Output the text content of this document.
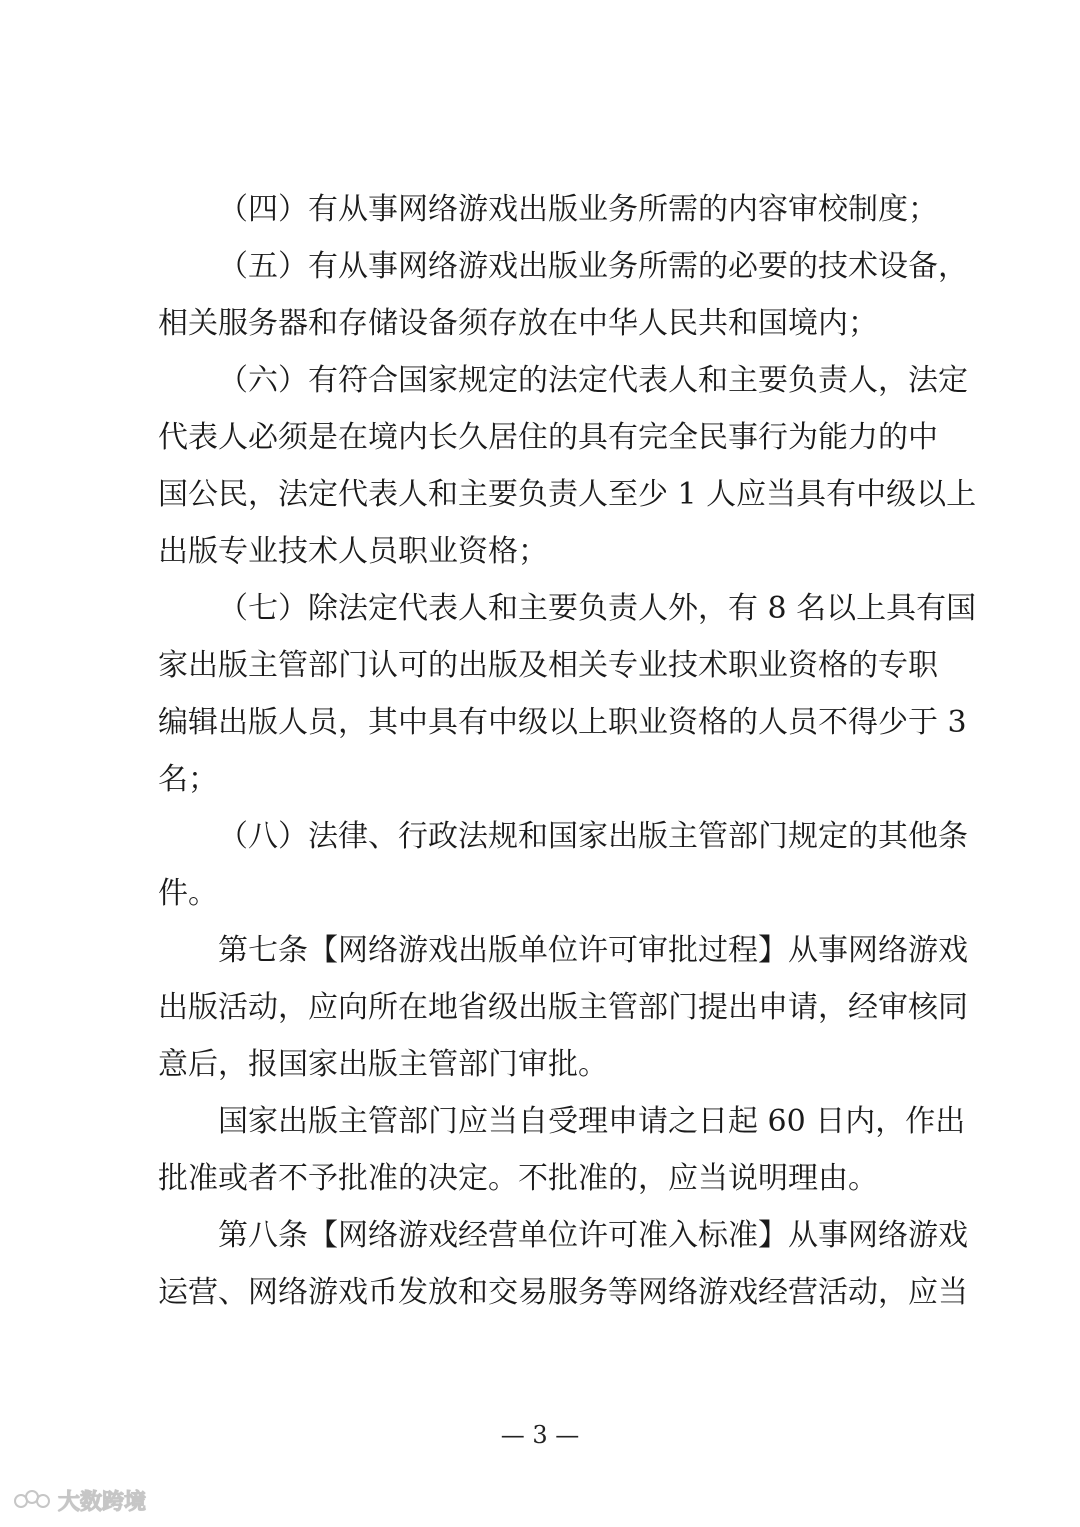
（四）有从事网络游戏出版业务所需的内容审校制度；
（五）有从事网络游戏出版业务所需的必要的技术设备，
相关服务器和存储设备须存放在中华人民共和国境内；
（六）有符合国家规定的法定代表人和主要负责人，法定
代表人必须是在境内长久居住的具有完全民事行为能力的中
国公民，法定代表人和主要负责人至少 1 人应当具有中级以上
出版专业技术人员职业资格；
（七）除法定代表人和主要负责人外，有 8 名以上具有国
家出版主管部门认可的出版及相关专业技术职业资格的专职
编辑出版人员，其中具有中级以上职业资格的人员不得少于 3
名；
（八）法律、行政法规和国家出版主管部门规定的其他条
件。
第七条【网络游戏出版单位许可审批过程】从事网络游戏
出版活动，应向所在地省级出版主管部门提出申请，经审核同
意后，报国家出版主管部门审批。
国家出版主管部门应当自受理申请之日起 60 日内，作出
批准或者不予批准的决定。不批准的，应当说明理由。
第八条【网络游戏经营单位许可准入标准】从事网络游戏
运营、网络游戏币发放和交易服务等网络游戏经营活动，应当
— 3 —
大数跨境
